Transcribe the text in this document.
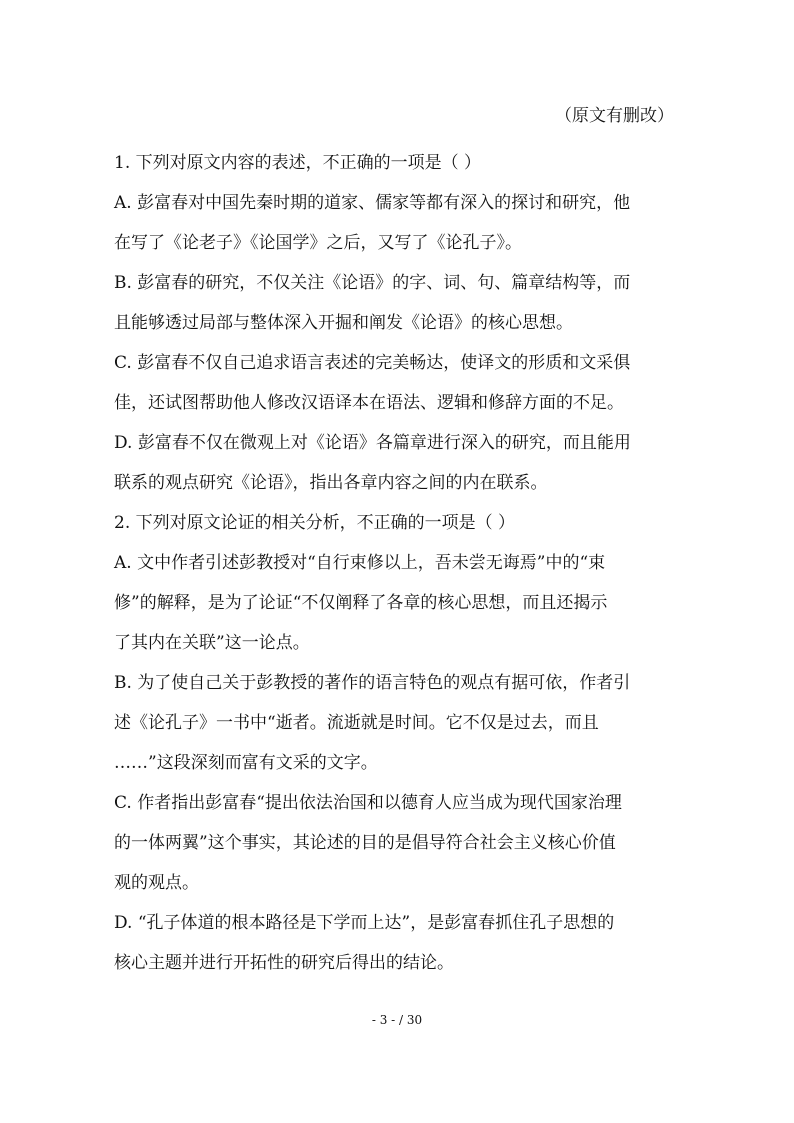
（原文有删改）
1. 下列对原文内容的表述，不正确的一项是（ ）
A. 彭富春对中国先秦时期的道家、儒家等都有深入的探讨和研究，他
在写了《论老子》《论国学》之后，又写了《论孔子》。
B. 彭富春的研究，不仅关注《论语》的字、词、句、篇章结构等，而
且能够透过局部与整体深入开掘和阐发《论语》的核心思想。
C. 彭富春不仅自己追求语言表述的完美畅达，使译文的形质和文采俱
佳，还试图帮助他人修改汉语译本在语法、逻辑和修辞方面的不足。
D. 彭富春不仅在微观上对《论语》各篇章进行深入的研究，而且能用
联系的观点研究《论语》，指出各章内容之间的内在联系。
2. 下列对原文论证的相关分析，不正确的一项是（ ）
A. 文中作者引述彭教授对“自行束修以上，吾未尝无诲焉”中的“束
修”的解释，是为了论证“不仅阐释了各章的核心思想，而且还揭示
了其内在关联”这一论点。
B. 为了使自己关于彭教授的著作的语言特色的观点有据可依，作者引
述《论孔子》一书中“逝者。流逝就是时间。它不仅是过去，而且
……”这段深刻而富有文采的文字。
C. 作者指出彭富春“提出依法治国和以德育人应当成为现代国家治理
的一体两翼”这个事实，其论述的目的是倡导符合社会主义核心价值
观的观点。
D. “孔子体道的根本路径是下学而上达”，是彭富春抓住孔子思想的
核心主题并进行开拓性的研究后得出的结论。
- 3 - / 30
